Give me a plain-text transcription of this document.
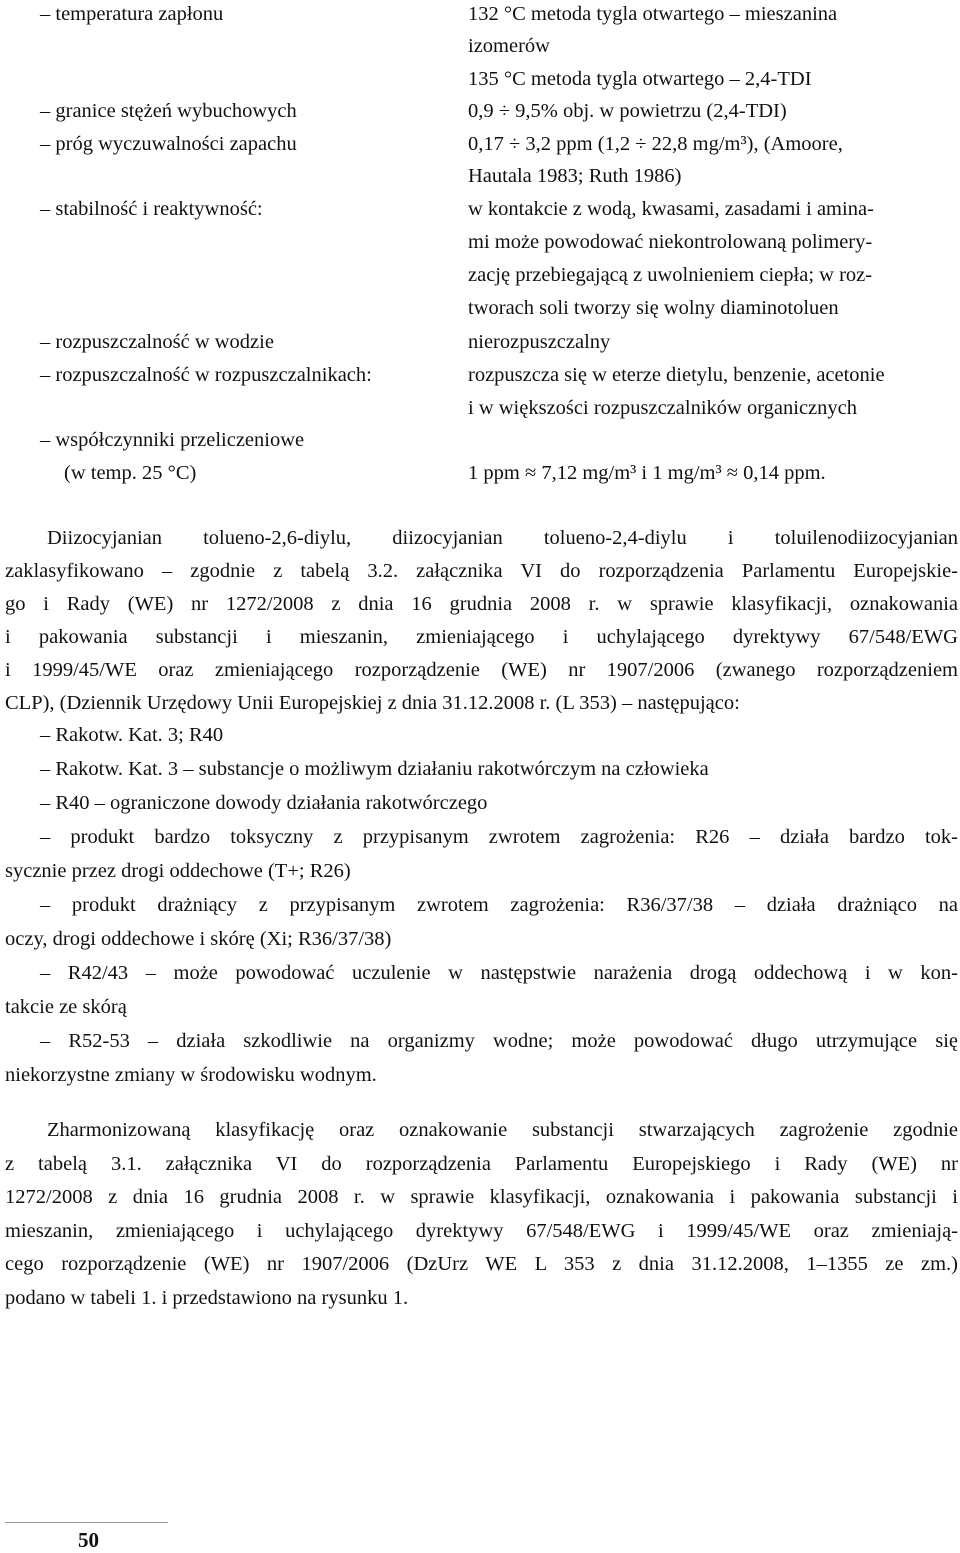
– temperatura zapłonu	132 °C metoda tygla otwartego – mieszanina
izomerów
135 °C metoda tygla otwartego – 2,4-TDI
– granice stężeń wybuchowych	0,9 ÷ 9,5% obj. w powietrzu (2,4-TDI)
– próg wyczuwalności zapachu	0,17 ÷ 3,2 ppm (1,2 ÷ 22,8 mg/m³), (Amoore,
Hautala 1983; Ruth 1986)
– stabilność i reaktywność:	w kontakcie z wodą, kwasami, zasadami i amina-
mi może powodować niekontrolowaną polimery-
zację przebiegającą z uwolnieniem ciepła; w roz-
tworach soli tworzy się wolny diaminotoluen
– rozpuszczalność w wodzie	nierozpuszczalny
– rozpuszczalność w rozpuszczalnikach:	rozpuszcza się w eterze dietylu, benzenie, acetonie
i w większości rozpuszczalników organicznych
– współczynniki przeliczeniowe
(w temp. 25 °C)	1 ppm ≈ 7,12 mg/m³ i 1 mg/m³ ≈ 0,14 ppm.
Diizocyjanian tolueno-2,6-diylu, diizocyjanian tolueno-2,4-diylu i toluilenodiizocyjanian
zaklasyfikowano – zgodnie z tabelą 3.2. załącznika VI do rozporządzenia Parlamentu Europejskie-
go i Rady (WE) nr 1272/2008 z dnia 16 grudnia 2008 r. w sprawie klasyfikacji, oznakowania
i pakowania substancji i mieszanin, zmieniającego i uchylającego dyrektywy 67/548/EWG
i 1999/45/WE oraz zmieniającego rozporządzenie (WE) nr 1907/2006 (zwanego rozporządzeniem
CLP), (Dziennik Urzędowy Unii Europejskiej z dnia 31.12.2008 r. (L 353) – następująco:
– Rakotw. Kat. 3; R40
– Rakotw. Kat. 3 – substancje o możliwym działaniu rakotwórczym na człowieka
– R40 – ograniczone dowody działania rakotwórczego
– produkt bardzo toksyczny z przypisanym zwrotem zagrożenia: R26 – działa bardzo tok-
sycznie przez drogi oddechowe (T+; R26)
– produkt drażniący z przypisanym zwrotem zagrożenia: R36/37/38 – działa drażniąco na
oczy, drogi oddechowe i skórę (Xi; R36/37/38)
– R42/43 – może powodować uczulenie w następstwie narażenia drogą oddechową i w kon-
takcie ze skórą
– R52-53 – działa szkodliwie na organizmy wodne; może powodować długo utrzymujące się
niekorzystne zmiany w środowisku wodnym.
Zharmonizowaną klasyfikację oraz oznakowanie substancji stwarzających zagrożenie zgodnie
z tabelą 3.1. załącznika VI do rozporządzenia Parlamentu Europejskiego i Rady (WE) nr
1272/2008 z dnia 16 grudnia 2008 r. w sprawie klasyfikacji, oznakowania i pakowania substancji i
mieszanin, zmieniającego i uchylającego dyrektywy 67/548/EWG i 1999/45/WE oraz zmieniają-
cego rozporządzenie (WE) nr 1907/2006 (DzUrz WE L 353 z dnia 31.12.2008, 1–1355 ze zm.)
podano w tabeli 1. i przedstawiono na rysunku 1.
50
